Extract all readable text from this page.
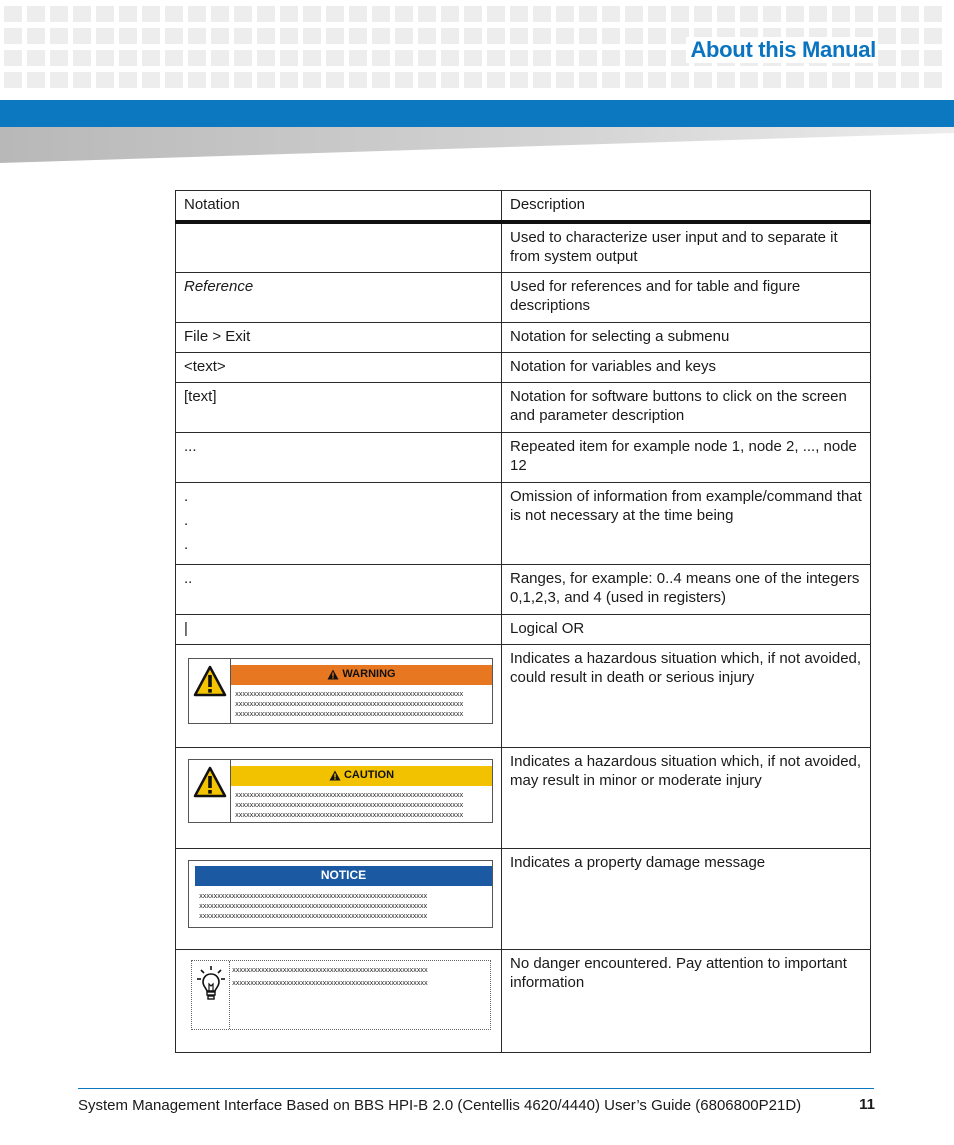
About this Manual
Notation	Description
	Used to characterize user input and to separate it from system output
Reference	Used for references and for table and figure descriptions
File > Exit	Notation for selecting a submenu
<text>	Notation for variables and keys
[text]	Notation for software buttons to click on the screen and parameter description
...	Repeated item for example node 1, node 2, ..., node 12

.
.
.	Omission of information from example/command that is not necessary at the time being
..	Ranges, for example: 0..4 means one of the integers 0,1,2,3, and 4 (used in registers)
|	Logical OR

WARNING
xxxxxxxxxxxxxxxxxxxxxxxxxxxxxxxxxxxxxxxxxxxxxxxxxxxxxxxxxxxxxxx
xxxxxxxxxxxxxxxxxxxxxxxxxxxxxxxxxxxxxxxxxxxxxxxxxxxxxxxxxxxxxxx
xxxxxxxxxxxxxxxxxxxxxxxxxxxxxxxxxxxxxxxxxxxxxxxxxxxxxxxxxxxxxxx	Indicates a hazardous situation which, if not avoided, could result in death or serious injury

CAUTION
xxxxxxxxxxxxxxxxxxxxxxxxxxxxxxxxxxxxxxxxxxxxxxxxxxxxxxxxxxxxxxx
xxxxxxxxxxxxxxxxxxxxxxxxxxxxxxxxxxxxxxxxxxxxxxxxxxxxxxxxxxxxxxx
xxxxxxxxxxxxxxxxxxxxxxxxxxxxxxxxxxxxxxxxxxxxxxxxxxxxxxxxxxxxxxx	Indicates a hazardous situation which, if not avoided, may result in minor or moderate injury

NOTICE
xxxxxxxxxxxxxxxxxxxxxxxxxxxxxxxxxxxxxxxxxxxxxxxxxxxxxxxxxxxxxxx
xxxxxxxxxxxxxxxxxxxxxxxxxxxxxxxxxxxxxxxxxxxxxxxxxxxxxxxxxxxxxxx
xxxxxxxxxxxxxxxxxxxxxxxxxxxxxxxxxxxxxxxxxxxxxxxxxxxxxxxxxxxxxxx	Indicates a property damage message

xxxxxxxxxxxxxxxxxxxxxxxxxxxxxxxxxxxxxxxxxxxxxxxxxxxxxx
xxxxxxxxxxxxxxxxxxxxxxxxxxxxxxxxxxxxxxxxxxxxxxxxxxxxxx	No danger encountered. Pay attention to important information
System Management Interface Based on BBS HPI-B 2.0 (Centellis 4620/4440) User’s Guide (6806800P21D)	11
